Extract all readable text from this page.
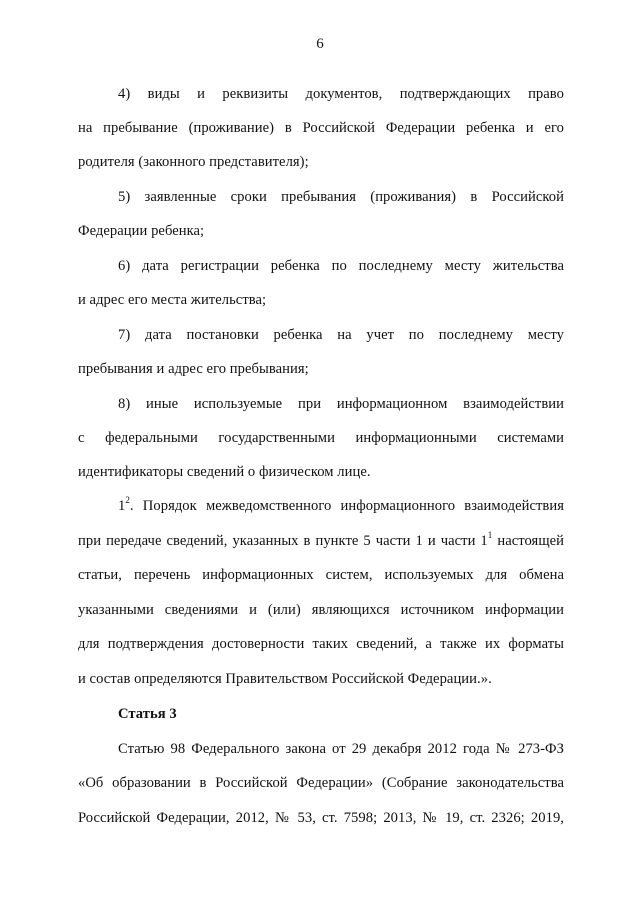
6
4) виды и реквизиты документов, подтверждающих право
на пребывание (проживание) в Российской Федерации ребенка и его
родителя (законного представителя);
5) заявленные сроки пребывания (проживания) в Российской
Федерации ребенка;
6) дата регистрации ребенка по последнему месту жительства
и адрес его места жительства;
7) дата постановки ребенка на учет по последнему месту
пребывания и адрес его пребывания;
8) иные используемые при информационном взаимодействии
с федеральными государственными информационными системами
идентификаторы сведений о физическом лице.
$1^2$. Порядок межведомственного информационного взаимодействия
при передаче сведений, указанных в пункте 5 части 1 и части $1^1$ настоящей
статьи, перечень информационных систем, используемых для обмена
указанными сведениями и (или) являющихся источником информации
для подтверждения достоверности таких сведений, а также их форматы
и состав определяются Правительством Российской Федерации.».
Статья 3
Статью 98 Федерального закона от 29 декабря 2012 года № 273-ФЗ
«Об образовании в Российской Федерации» (Собрание законодательства
Российской Федерации, 2012, № 53, ст. 7598; 2013, № 19, ст. 2326; 2019,
